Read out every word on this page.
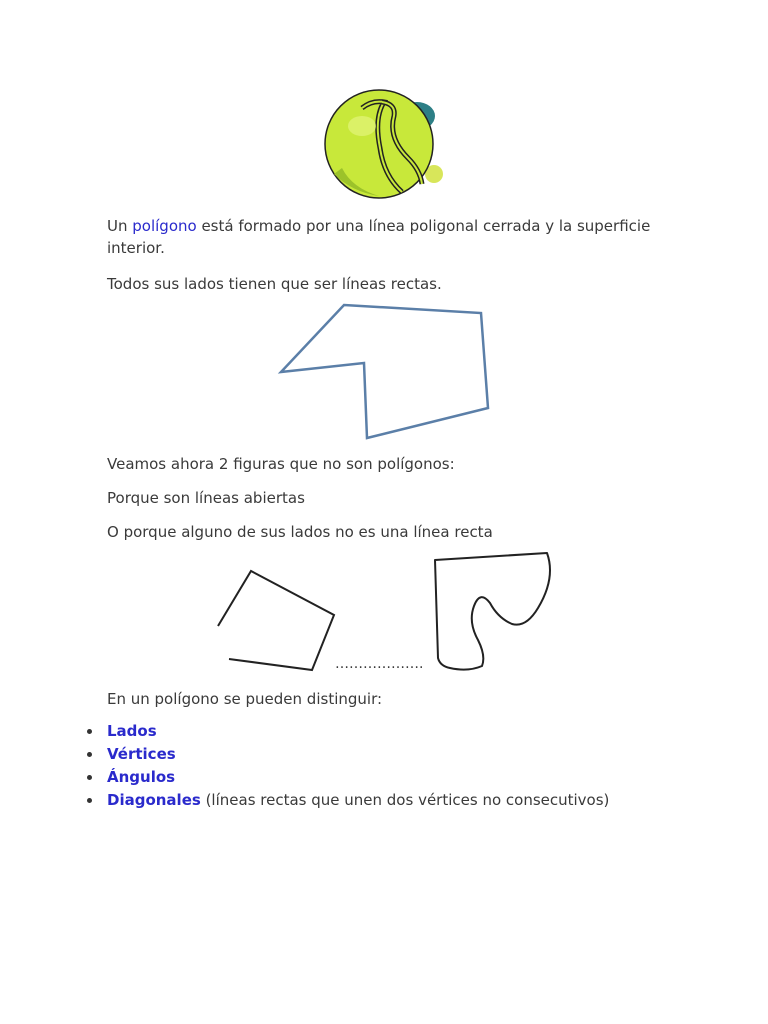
Un polígono está formado por una línea poligonal cerrada y la superficie interior.
Todos sus lados tienen que ser líneas rectas.
Veamos ahora 2 figuras que no son polígonos:
Porque son líneas abiertas
O porque alguno de sus lados no es una línea recta
……………….
En un polígono se pueden distinguir:
Lados
Vértices
Ángulos
Diagonales (líneas rectas que unen dos vértices no consecutivos)
